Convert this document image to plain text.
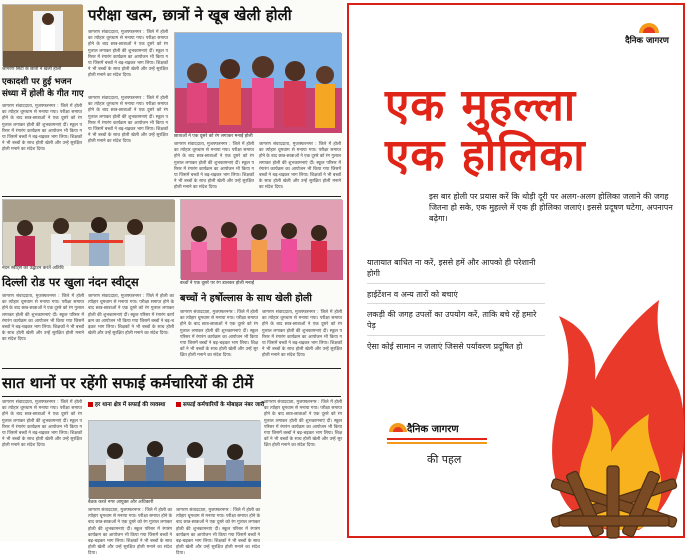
जागरण सिटी के छात्रों ने खेली होली
परीक्षा खत्म, छात्रों ने खूब खेली होली
जागरण संवाददाता, मुजफ्फरनगर : जिले में होली का त्योहार धूमधाम से मनाया गया। परीक्षा समाप्त होने के बाद छात्र-छात्राओं ने एक दूसरे को रंग गुलाल लगाकर होली की शुभकामनाएं दीं। स्कूल परिसर में रंगारंग कार्यक्रम का आयोजन भी किया गया जिसमें बच्चों ने बढ़-चढ़कर भाग लिया। शिक्षकों ने भी बच्चों के साथ होली खेली और उन्हें सुरक्षित होली मनाने का संदेश दिया।
जागरण संवाददाता, मुजफ्फरनगर : जिले में होली का त्योहार धूमधाम से मनाया गया। परीक्षा समाप्त होने के बाद छात्र-छात्राओं ने एक दूसरे को रंग गुलाल लगाकर होली की शुभकामनाएं दीं। स्कूल परिसर में रंगारंग कार्यक्रम का आयोजन भी किया गया जिसमें बच्चों ने बढ़-चढ़कर भाग लिया। शिक्षकों ने भी बच्चों के साथ होली खेली और उन्हें सुरक्षित होली मनाने का संदेश दिया।
छात्राओं ने एक दूसरे को रंग लगाकर मनाई होली
जागरण संवाददाता, मुजफ्फरनगर : जिले में होली का त्योहार धूमधाम से मनाया गया। परीक्षा समाप्त होने के बाद छात्र-छात्राओं ने एक दूसरे को रंग गुलाल लगाकर होली की शुभकामनाएं दीं। स्कूल परिसर में रंगारंग कार्यक्रम का आयोजन भी किया गया जिसमें बच्चों ने बढ़-चढ़कर भाग लिया। शिक्षकों ने भी बच्चों के साथ होली खेली और उन्हें सुरक्षित होली मनाने का संदेश दिया।
जागरण संवाददाता, मुजफ्फरनगर : जिले में होली का त्योहार धूमधाम से मनाया गया। परीक्षा समाप्त होने के बाद छात्र-छात्राओं ने एक दूसरे को रंग गुलाल लगाकर होली की शुभकामनाएं दीं। स्कूल परिसर में रंगारंग कार्यक्रम का आयोजन भी किया गया जिसमें बच्चों ने बढ़-चढ़कर भाग लिया। शिक्षकों ने भी बच्चों के साथ होली खेली और उन्हें सुरक्षित होली मनाने का संदेश दिया।
एकादशी पर हुई भजन संध्या में होली के गीत गाए
जागरण संवाददाता, मुजफ्फरनगर : जिले में होली का त्योहार धूमधाम से मनाया गया। परीक्षा समाप्त होने के बाद छात्र-छात्राओं ने एक दूसरे को रंग गुलाल लगाकर होली की शुभकामनाएं दीं। स्कूल परिसर में रंगारंग कार्यक्रम का आयोजन भी किया गया जिसमें बच्चों ने बढ़-चढ़कर भाग लिया। शिक्षकों ने भी बच्चों के साथ होली खेली और उन्हें सुरक्षित होली मनाने का संदेश दिया।
नंदन स्वीट्स का उद्घाटन करते अतिथि
बच्चों ने एक दूसरे पर रंग डालकर होली मनाई
दिल्ली रोड पर खुला नंदन स्वीट्स
जागरण संवाददाता, मुजफ्फरनगर : जिले में होली का त्योहार धूमधाम से मनाया गया। परीक्षा समाप्त होने के बाद छात्र-छात्राओं ने एक दूसरे को रंग गुलाल लगाकर होली की शुभकामनाएं दीं। स्कूल परिसर में रंगारंग कार्यक्रम का आयोजन भी किया गया जिसमें बच्चों ने बढ़-चढ़कर भाग लिया। शिक्षकों ने भी बच्चों के साथ होली खेली और उन्हें सुरक्षित होली मनाने का संदेश दिया।
जागरण संवाददाता, मुजफ्फरनगर : जिले में होली का त्योहार धूमधाम से मनाया गया। परीक्षा समाप्त होने के बाद छात्र-छात्राओं ने एक दूसरे को रंग गुलाल लगाकर होली की शुभकामनाएं दीं। स्कूल परिसर में रंगारंग कार्यक्रम का आयोजन भी किया गया जिसमें बच्चों ने बढ़-चढ़कर भाग लिया। शिक्षकों ने भी बच्चों के साथ होली खेली और उन्हें सुरक्षित होली मनाने का संदेश दिया।
बच्चों ने हर्षोल्लास के साथ खेली होली
जागरण संवाददाता, मुजफ्फरनगर : जिले में होली का त्योहार धूमधाम से मनाया गया। परीक्षा समाप्त होने के बाद छात्र-छात्राओं ने एक दूसरे को रंग गुलाल लगाकर होली की शुभकामनाएं दीं। स्कूल परिसर में रंगारंग कार्यक्रम का आयोजन भी किया गया जिसमें बच्चों ने बढ़-चढ़कर भाग लिया। शिक्षकों ने भी बच्चों के साथ होली खेली और उन्हें सुरक्षित होली मनाने का संदेश दिया।
जागरण संवाददाता, मुजफ्फरनगर : जिले में होली का त्योहार धूमधाम से मनाया गया। परीक्षा समाप्त होने के बाद छात्र-छात्राओं ने एक दूसरे को रंग गुलाल लगाकर होली की शुभकामनाएं दीं। स्कूल परिसर में रंगारंग कार्यक्रम का आयोजन भी किया गया जिसमें बच्चों ने बढ़-चढ़कर भाग लिया। शिक्षकों ने भी बच्चों के साथ होली खेली और उन्हें सुरक्षित होली मनाने का संदेश दिया।
सात थानों पर रहेंगी सफाई कर्मचारियों की टीमें
जागरण संवाददाता, मुजफ्फरनगर : जिले में होली का त्योहार धूमधाम से मनाया गया। परीक्षा समाप्त होने के बाद छात्र-छात्राओं ने एक दूसरे को रंग गुलाल लगाकर होली की शुभकामनाएं दीं। स्कूल परिसर में रंगारंग कार्यक्रम का आयोजन भी किया गया जिसमें बच्चों ने बढ़-चढ़कर भाग लिया। शिक्षकों ने भी बच्चों के साथ होली खेली और उन्हें सुरक्षित होली मनाने का संदेश दिया।
हर थाना क्षेत्र में सफाई की व्यवस्था	सफाई कर्मचारियों के मोबाइल नंबर जारी
बैठक करते नगर आयुक्त और अधिकारी
जागरण संवाददाता, मुजफ्फरनगर : जिले में होली का त्योहार धूमधाम से मनाया गया। परीक्षा समाप्त होने के बाद छात्र-छात्राओं ने एक दूसरे को रंग गुलाल लगाकर होली की शुभकामनाएं दीं। स्कूल परिसर में रंगारंग कार्यक्रम का आयोजन भी किया गया जिसमें बच्चों ने बढ़-चढ़कर भाग लिया। शिक्षकों ने भी बच्चों के साथ होली खेली और उन्हें सुरक्षित होली मनाने का संदेश दिया।
जागरण संवाददाता, मुजफ्फरनगर : जिले में होली का त्योहार धूमधाम से मनाया गया। परीक्षा समाप्त होने के बाद छात्र-छात्राओं ने एक दूसरे को रंग गुलाल लगाकर होली की शुभकामनाएं दीं। स्कूल परिसर में रंगारंग कार्यक्रम का आयोजन भी किया गया जिसमें बच्चों ने बढ़-चढ़कर भाग लिया। शिक्षकों ने भी बच्चों के साथ होली खेली और उन्हें सुरक्षित होली मनाने का संदेश दिया।
जागरण संवाददाता, मुजफ्फरनगर : जिले में होली का त्योहार धूमधाम से मनाया गया। परीक्षा समाप्त होने के बाद छात्र-छात्राओं ने एक दूसरे को रंग गुलाल लगाकर होली की शुभकामनाएं दीं। स्कूल परिसर में रंगारंग कार्यक्रम का आयोजन भी किया गया जिसमें बच्चों ने बढ़-चढ़कर भाग लिया। शिक्षकों ने भी बच्चों के साथ होली खेली और उन्हें सुरक्षित होली मनाने का संदेश दिया।
दैनिक जागरण
एक मुहल्ला
एक होलिका
इस बार होली पर प्रयास करें कि थोड़ी दूरी पर अलग-अलग होलिका जलाने की जगह जितना हो सके, एक मुहल्ले में एक ही होलिका जलाएं। इससे प्रदूषण घटेगा, अपनापन बढ़ेगा।
यातायात बाधित ना करें, इससे हमें और आपको ही परेशानी होगी
हाईटेंशन व अन्य तारों को बचाएं
लकड़ी की जगह उपलों का उपयोग करें, ताकि बचे रहें हमारे पेड़
ऐसा कोई सामान न जलाएं जिससे पर्यावरण प्रदूषित हो
दैनिक जागरण
की पहल
